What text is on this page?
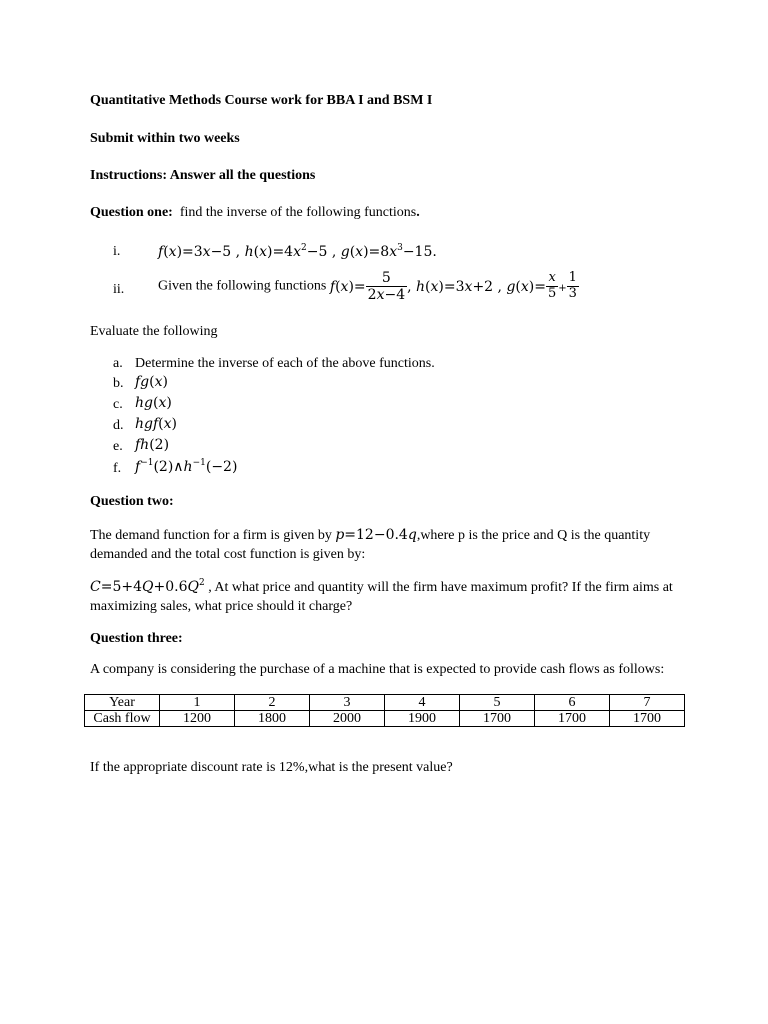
Quantitative Methods Course work for BBA I and BSM I
Submit within two weeks
Instructions: Answer all the questions
Question one: find the inverse of the following functions.
i.	f(x)=3x−5 , $h(x)=4x^2-5$ , $g(x)=8x^3-15$.
ii. Given the following functions $f(x)= \frac{5}{2x-4}$ , h(x)=3x+2 , $g(x)= \frac{x}{5} + \frac{1}{3}$
Evaluate the following
a. Determine the inverse of each of the above functions.
b. fg(x)
c. hg(x)
d. hgf(x)
e. fh(2)
f. $f^{-1}(2)\wedge h^{-1}(-2)$
Question two:
The demand function for a firm is given by p=12−0.4q,where p is the price and Q is the quantity demanded and the total cost function is given by:
$C=5+4Q+0.6Q^2$ , At what price and quantity will the firm have maximum profit? If the firm aims at maximizing sales, what price should it charge?
Question three:
A company is considering the purchase of a machine that is expected to provide cash flows as follows:
Year	1	2	3	4	5	6	7
Cash flow	1200	1800	2000	1900	1700	1700	1700
If the appropriate discount rate is 12%,what is the present value?
